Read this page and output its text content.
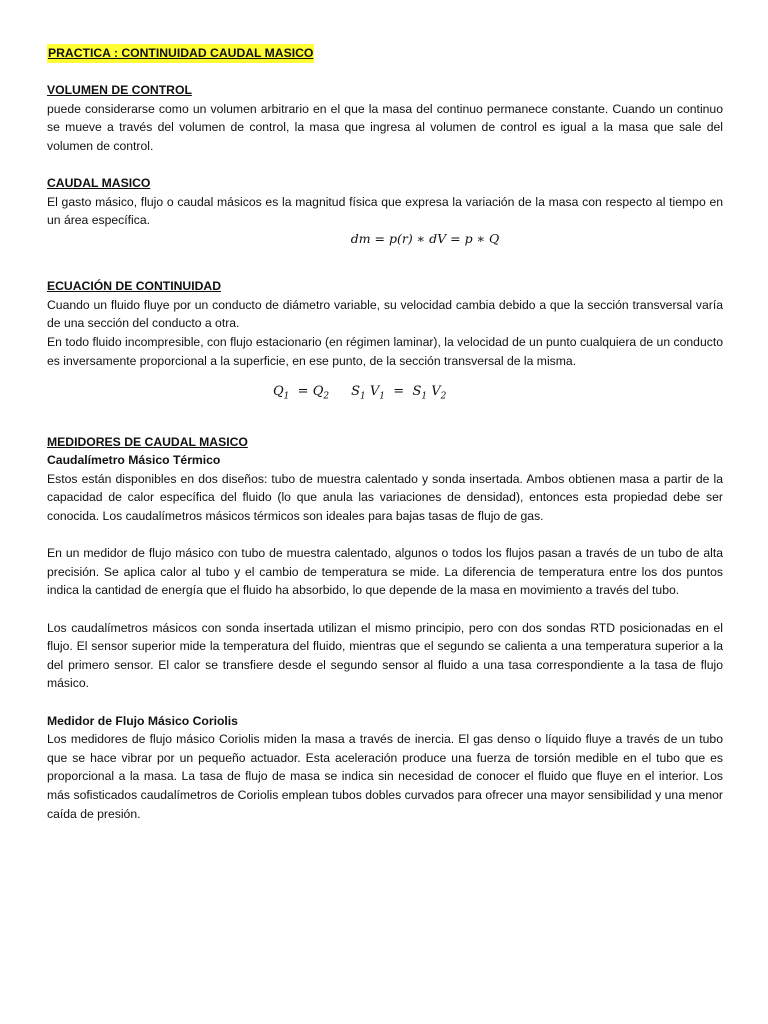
PRACTICA : CONTINUIDAD CAUDAL MASICO
VOLUMEN DE CONTROL

puede considerarse como un volumen arbitrario en el que la masa del continuo permanece constante. Cuando un continuo se mueve a través del volumen de control, la masa que ingresa al volumen de control es igual a la masa que sale del volumen de control.

CAUDAL MASICO

El gasto másico, flujo o caudal másicos es la magnitud física que expresa la variación de la masa con respecto al tiempo en un área específica.

dm = p(r) ∗ dV = p ∗ Q
ECUACIÓN DE CONTINUIDAD

Cuando un fluido fluye por un conducto de diámetro variable, su velocidad cambia debido a que la sección transversal varía de una sección del conducto a otra.

En todo fluido incompresible, con flujo estacionario (en régimen laminar), la velocidad de un punto cualquiera de un conducto es inversamente proporcional a la superficie, en ese punto, de la sección transversal de la misma.

$Q_1 = Q_2$ $S_1$ $V_1 = S_1$ $V_2$
MEDIDORES DE CAUDAL MASICO
Caudalímetro Másico Térmico

Estos están disponibles en dos diseños: tubo de muestra calentado y sonda insertada. Ambos obtienen masa a partir de la capacidad de calor específica del fluido (lo que anula las variaciones de densidad), entonces esta propiedad debe ser conocida. Los caudalímetros másicos térmicos son ideales para bajas tasas de flujo de gas.

En un medidor de flujo másico con tubo de muestra calentado, algunos o todos los flujos pasan a través de un tubo de alta precisión. Se aplica calor al tubo y el cambio de temperatura se mide. La diferencia de temperatura entre los dos puntos indica la cantidad de energía que el fluido ha absorbido, lo que depende de la masa en movimiento a través del tubo.

Los caudalímetros másicos con sonda insertada utilizan el mismo principio, pero con dos sondas RTD posicionadas en el flujo. El sensor superior mide la temperatura del fluido, mientras que el segundo se calienta a una temperatura superior a la del primero sensor. El calor se transfiere desde el segundo sensor al fluido a una tasa correspondiente a la tasa de flujo másico.

Medidor de Flujo Másico Coriolis

Los medidores de flujo másico Coriolis miden la masa a través de inercia. El gas denso o líquido fluye a través de un tubo que se hace vibrar por un pequeño actuador. Esta aceleración produce una fuerza de torsión medible en el tubo que es proporcional a la masa. La tasa de flujo de masa se indica sin necesidad de conocer el fluido que fluye en el interior. Los más sofisticados caudalímetros de Coriolis emplean tubos dobles curvados para ofrecer una mayor sensibilidad y una menor caída de presión.
